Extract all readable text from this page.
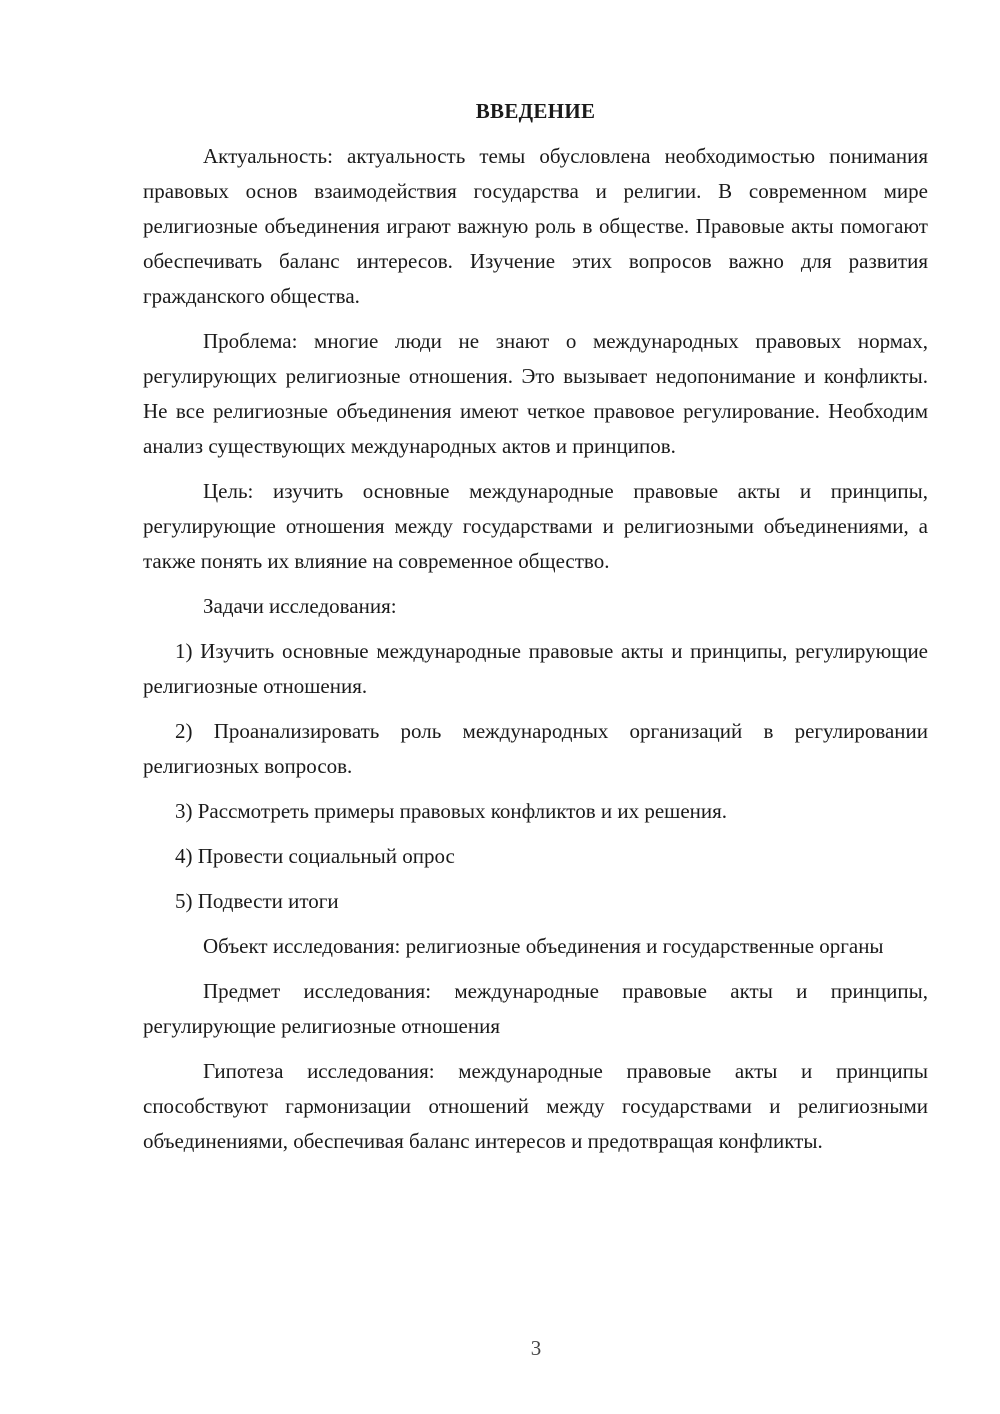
ВВЕДЕНИЕ

Актуальность: актуальность темы обусловлена необходимостью понимания правовых основ взаимодействия государства и религии. В современном мире религиозные объединения играют важную роль в обществе. Правовые акты помогают обеспечивать баланс интересов. Изучение этих вопросов важно для развития гражданского общества.

Проблема: многие люди не знают о международных правовых нормах, регулирующих религиозные отношения. Это вызывает недопонимание и конфликты. Не все религиозные объединения имеют четкое правовое регулирование. Необходим анализ существующих международных актов и принципов.

Цель: изучить основные международные правовые акты и принципы, регулирующие отношения между государствами и религиозными объединениями, а также понять их влияние на современное общество.

Задачи исследования:

1) Изучить основные международные правовые акты и принципы, регулирующие религиозные отношения.

2) Проанализировать роль международных организаций в регулировании религиозных вопросов.

3) Рассмотреть примеры правовых конфликтов и их решения.

4) Провести социальный опрос

5) Подвести итоги

Объект исследования: религиозные объединения и государственные органы

Предмет исследования: международные правовые акты и принципы, регулирующие религиозные отношения

Гипотеза исследования: международные правовые акты и принципы способствуют гармонизации отношений между государствами и религиозными объединениями, обеспечивая баланс интересов и предотвращая конфликты.

3
